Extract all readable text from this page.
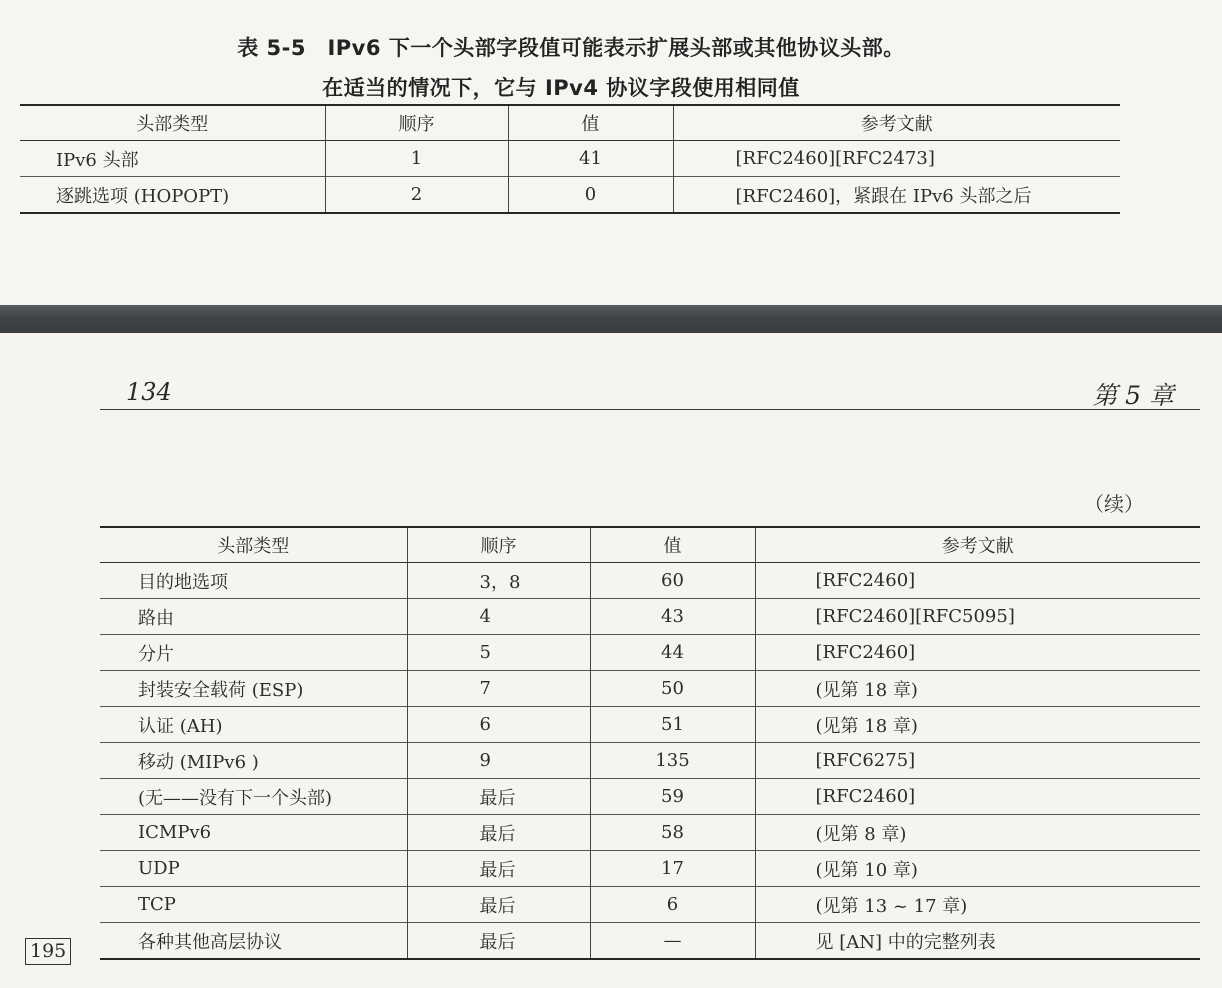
表 5-5　IPv6 下一个头部字段值可能表示扩展头部或其他协议头部。
在适当的情况下，它与 IPv4 协议字段使用相同值
头部类型	顺序	值	参考文献
IPv6 头部	1	41	[RFC2460][RFC2473]
逐跳选项 (HOPOPT)	2	0	[RFC2460]，紧跟在 IPv6 头部之后
134	第 5 章
（续）
头部类型	顺序	值	参考文献
目的地选项	3，8	60	[RFC2460]
路由	4	43	[RFC2460][RFC5095]
分片	5	44	[RFC2460]
封装安全载荷 (ESP)	7	50	(见第 18 章)
认证 (AH)	6	51	(见第 18 章)
移动 (MIPv6 )	9	135	[RFC6275]
(无——没有下一个头部)	最后	59	[RFC2460]
ICMPv6	最后	58	(见第 8 章)
UDP	最后	17	(见第 10 章)
TCP	最后	6	(见第 13 ~ 17 章)
各种其他高层协议	最后	—	见 [AN] 中的完整列表
195
